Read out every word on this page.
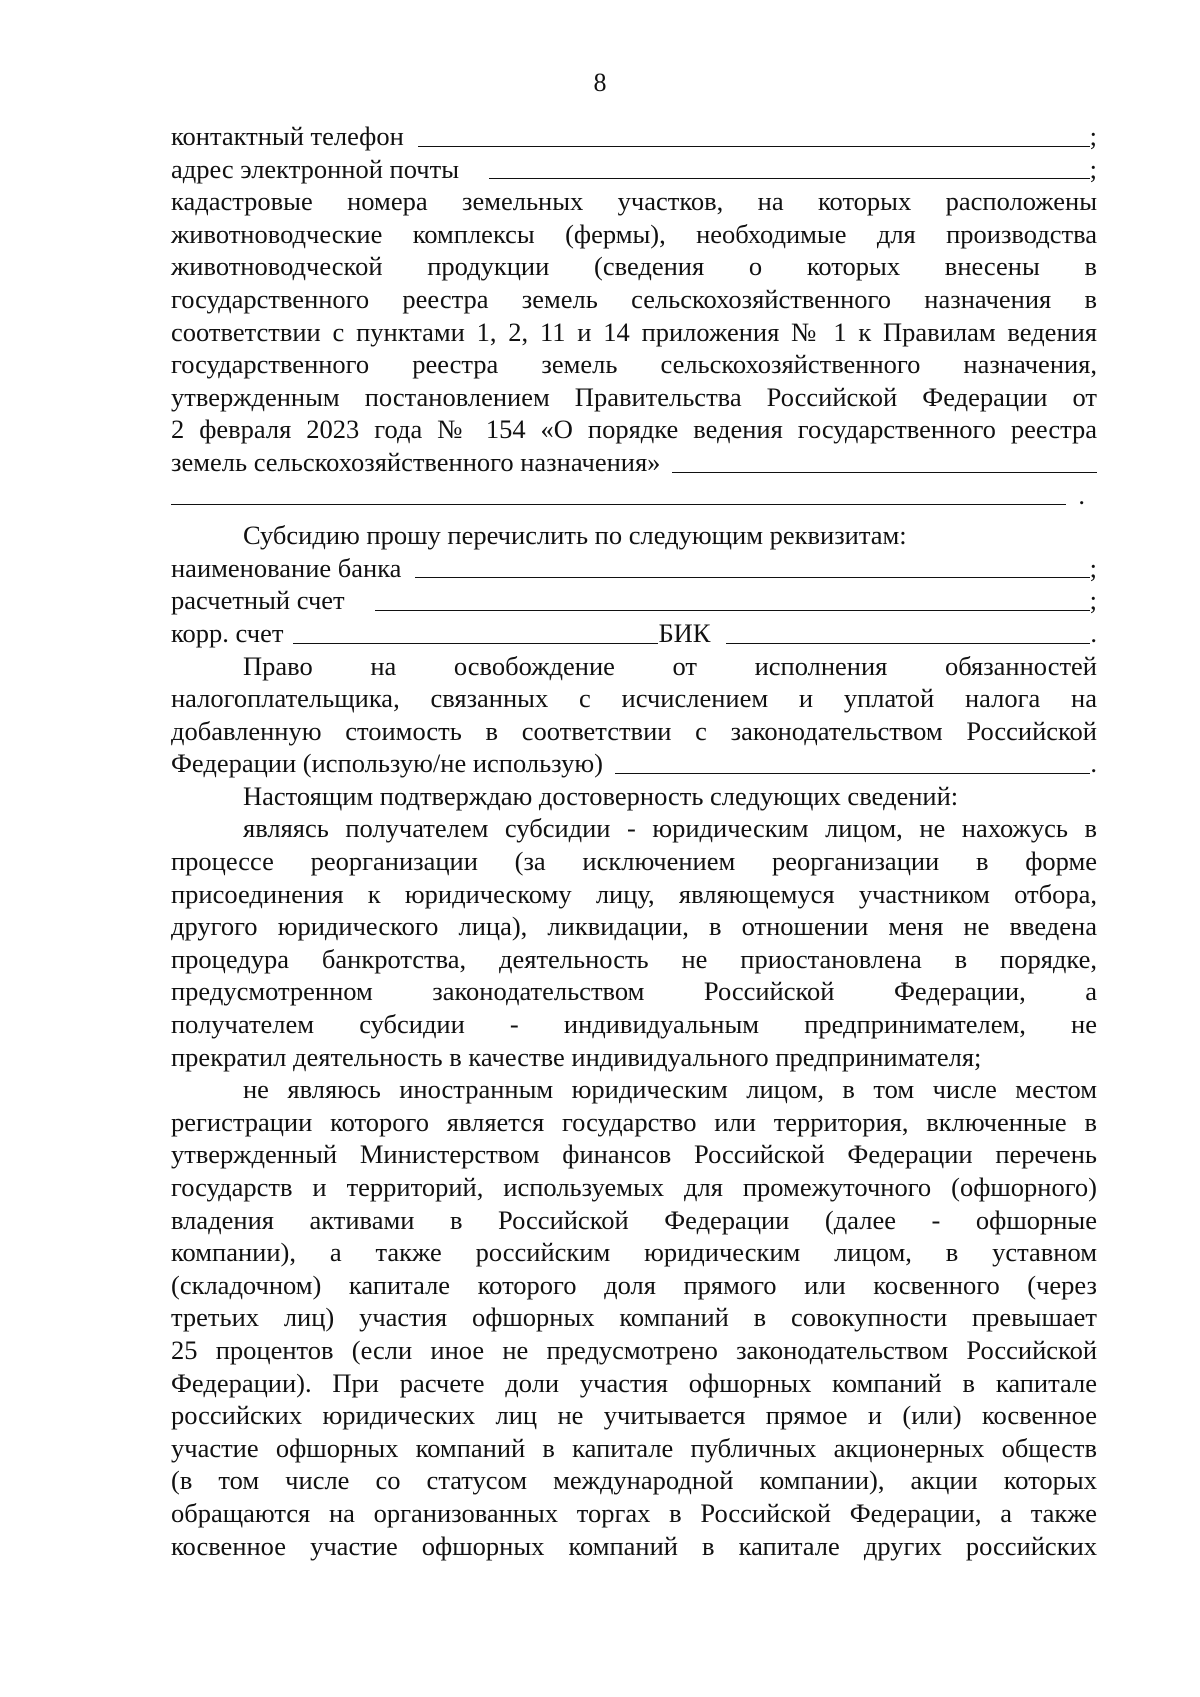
8
контактный телефон	;
адрес электронной почты	;
кадастровые номера земельных участков, на которых расположены
животноводческие комплексы (фермы), необходимые для производства
животноводческой продукции (сведения о которых внесены в
государственного реестра земель сельскохозяйственного назначения в
соответствии с пунктами 1, 2, 11 и 14 приложения № 1 к Правилам ведения
государственного реестра земель сельскохозяйственного назначения,
утвержденным постановлением Правительства Российской Федерации от
2 февраля 2023 года № 154 «О порядке ведения государственного реестра
земель сельскохозяйственного назначения»
.
Субсидию прошу перечислить по следующим реквизитам:
наименование банка	;
расчетный счет	;
корр. счет	БИК	.
Право на освобождение от исполнения обязанностей
налогоплательщика, связанных с исчислением и уплатой налога на
добавленную стоимость в соответствии с законодательством Российской
Федерации (использую/не использую)	.
Настоящим подтверждаю достоверность следующих сведений:
являясь получателем субсидии - юридическим лицом, не нахожусь в
процессе реорганизации (за исключением реорганизации в форме
присоединения к юридическому лицу, являющемуся участником отбора,
другого юридического лица), ликвидации, в отношении меня не введена
процедура банкротства, деятельность не приостановлена в порядке,
предусмотренном законодательством Российской Федерации, а
получателем субсидии - индивидуальным предпринимателем, не
прекратил деятельность в качестве индивидуального предпринимателя;
не являюсь иностранным юридическим лицом, в том числе местом
регистрации которого является государство или территория, включенные в
утвержденный Министерством финансов Российской Федерации перечень
государств и территорий, используемых для промежуточного (офшорного)
владения активами в Российской Федерации (далее - офшорные
компании), а также российским юридическим лицом, в уставном
(складочном) капитале которого доля прямого или косвенного (через
третьих лиц) участия офшорных компаний в совокупности превышает
25 процентов (если иное не предусмотрено законодательством Российской
Федерации). При расчете доли участия офшорных компаний в капитале
российских юридических лиц не учитывается прямое и (или) косвенное
участие офшорных компаний в капитале публичных акционерных обществ
(в том числе со статусом международной компании), акции которых
обращаются на организованных торгах в Российской Федерации, а также
косвенное участие офшорных компаний в капитале других российских
